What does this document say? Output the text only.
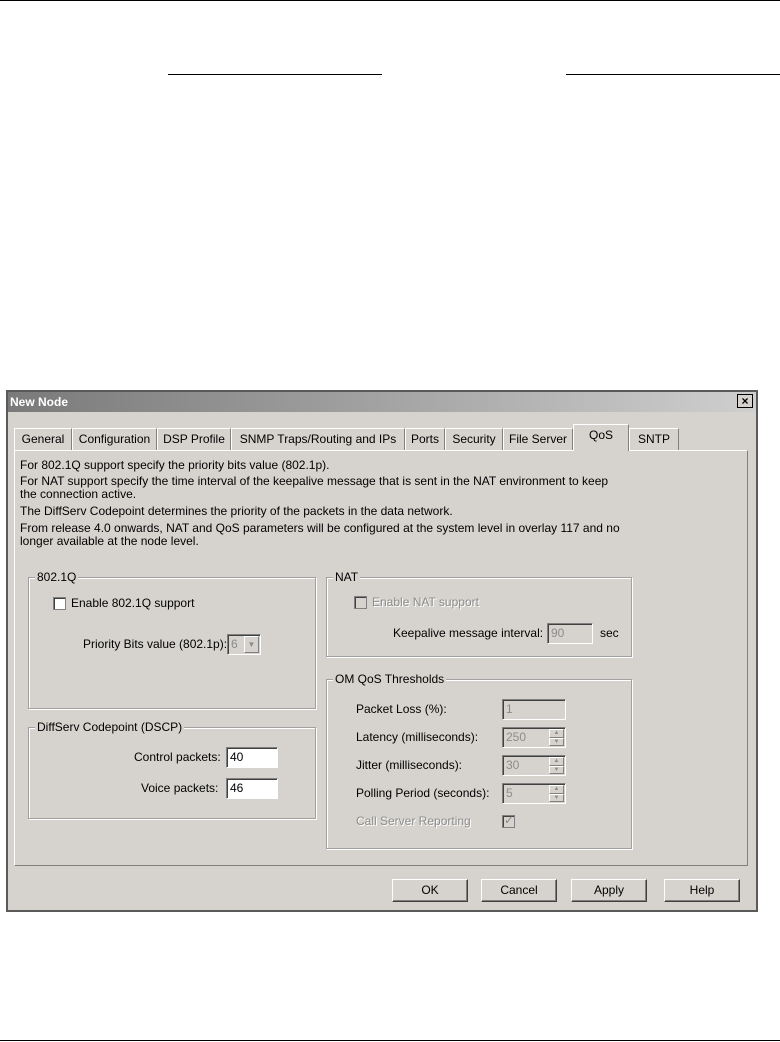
New Node	×
General	Configuration	DSP Profile	SNMP Traps/Routing and IPs	Ports	Security	File Server	QoS	SNTP
For 802.1Q support specify the priority bits value (802.1p).
For NAT support specify the time interval of the keepalive message that is sent in the NAT environment to keep
the connection active.
The DiffServ Codepoint determines the priority of the packets in the data network.
From release 4.0 onwards, NAT and QoS parameters will be configured at the system level in overlay 117 and no
longer available at the node level.
802.1Q
Enable 802.1Q support
Priority Bits value (802.1p): 6	▼
NAT
Enable NAT support
Keepalive message interval: 90	sec
DiffServ Codepoint (DSCP)
Control packets: 40
Voice packets: 46
OM QoS Thresholds
Packet Loss (%):	1
Latency (milliseconds):	250	▲
▼
Jitter (milliseconds):	30	▲
▼
Polling Period (seconds):	5	▲
▼
Call Server Reporting	✓
OK	Cancel	Apply	Help
